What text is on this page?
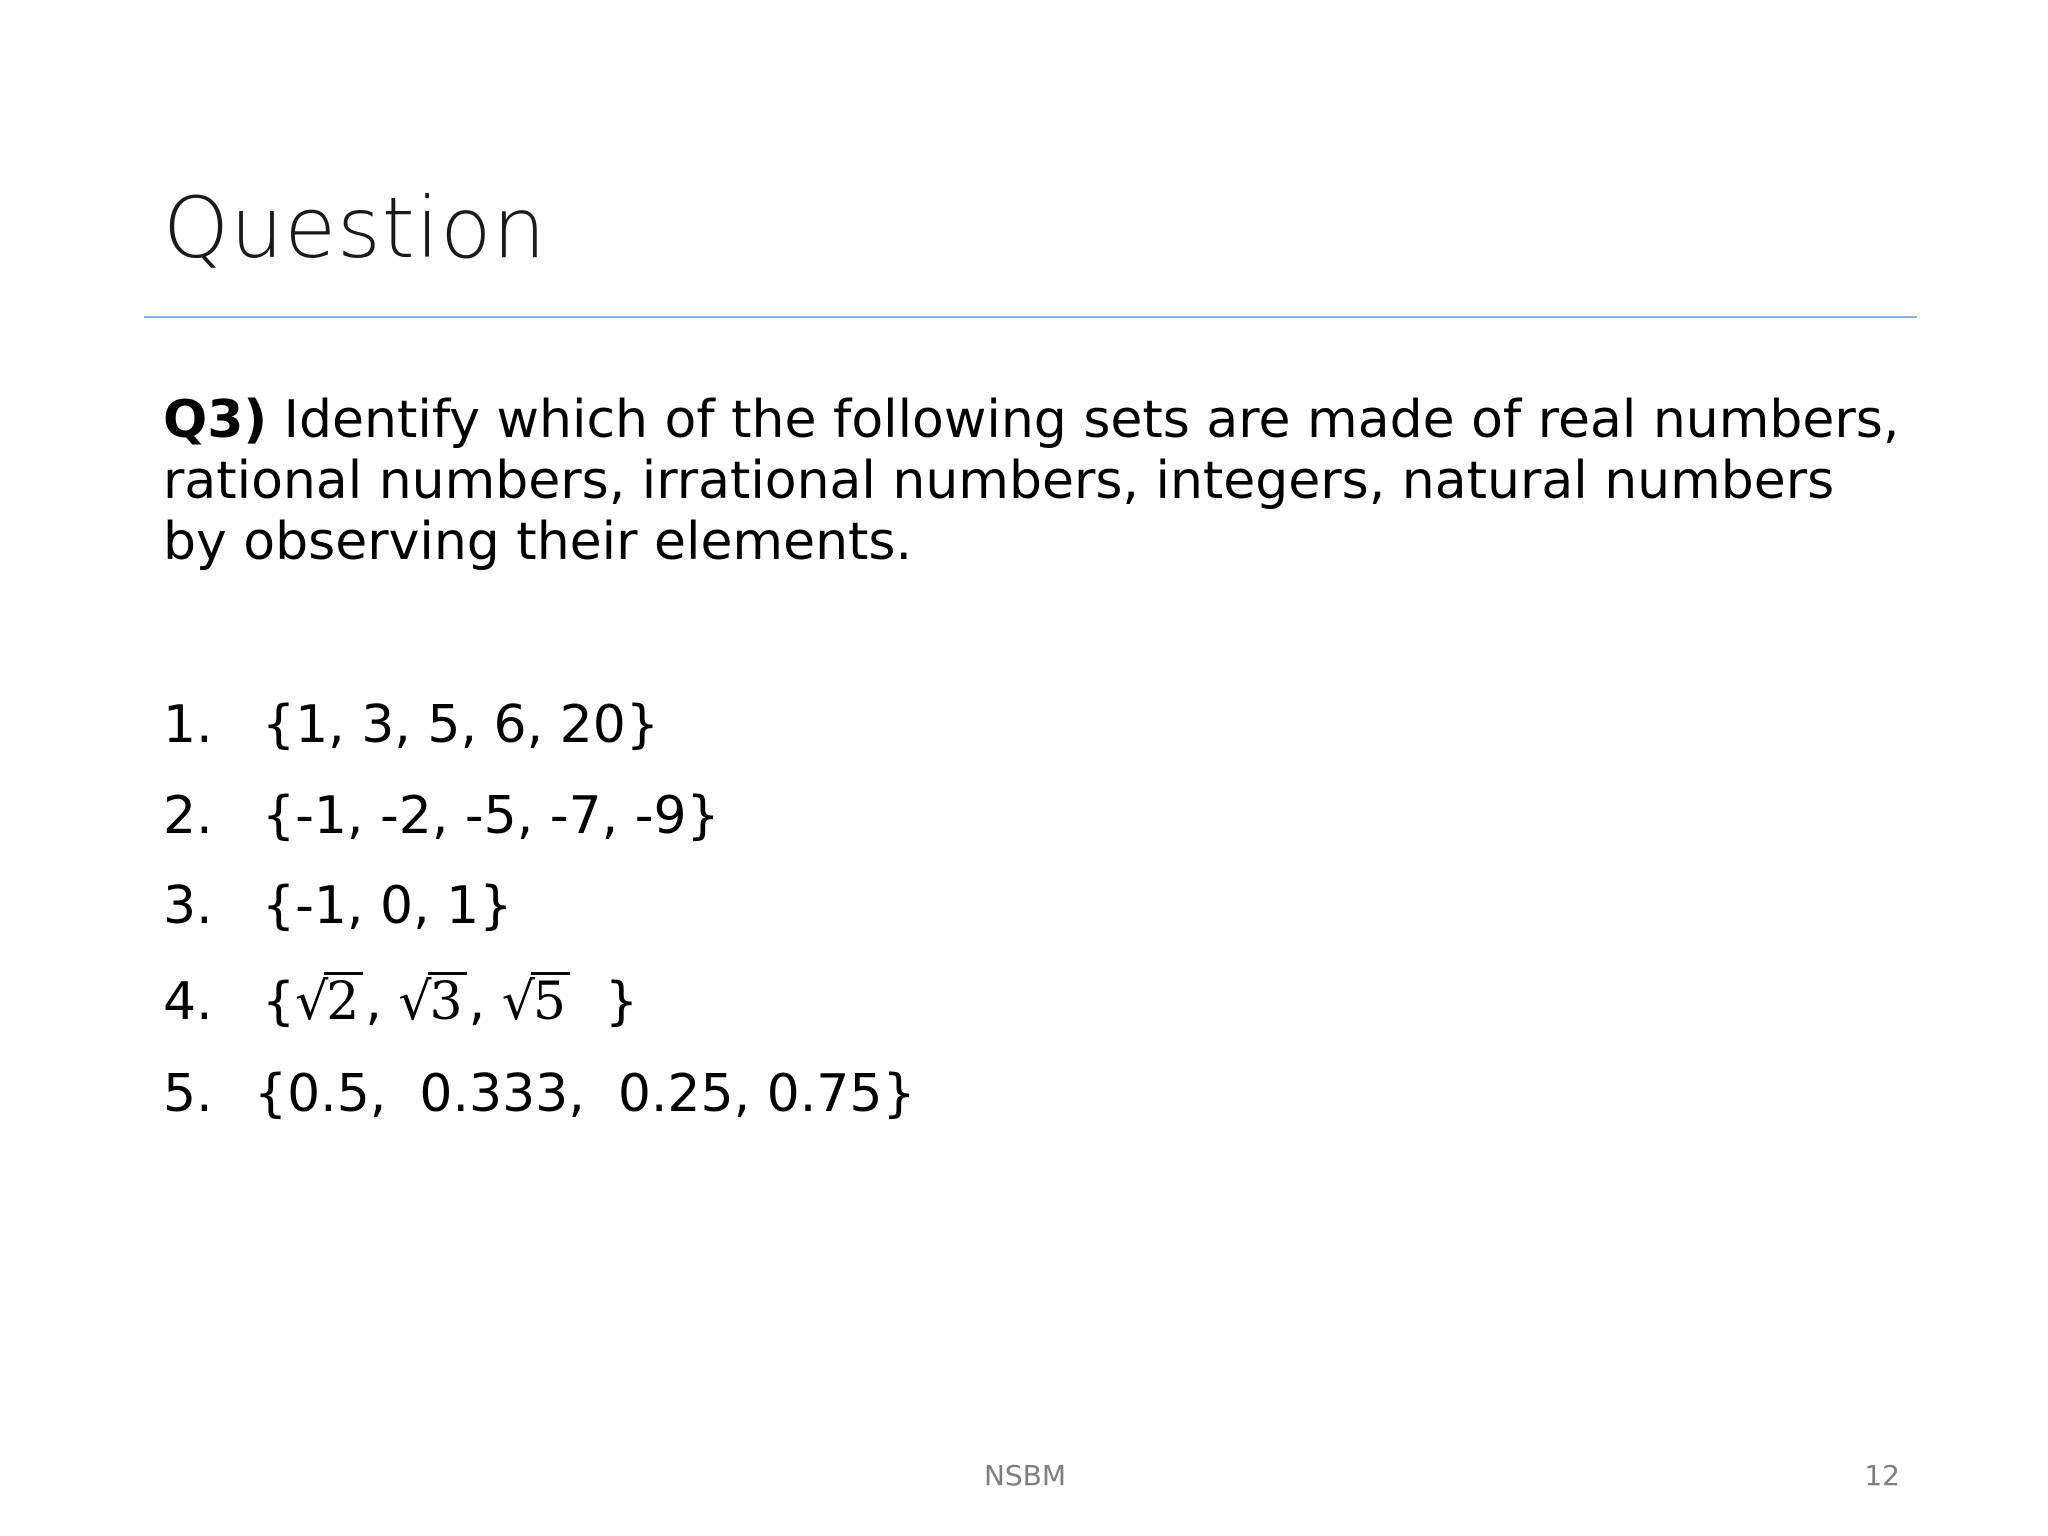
Question
Q3) Identify which of the following sets are made of real numbers, rational numbers, irrational numbers, integers, natural numbers by observing their elements.
1. {1, 3, 5, 6, 20}
2. {-1, -2, -5, -7, -9}
3. {-1, 0, 1}
4. {√2 , √3 , √5 }
5. {0.5,  0.333,  0.25, 0.75}
NSBM	12
